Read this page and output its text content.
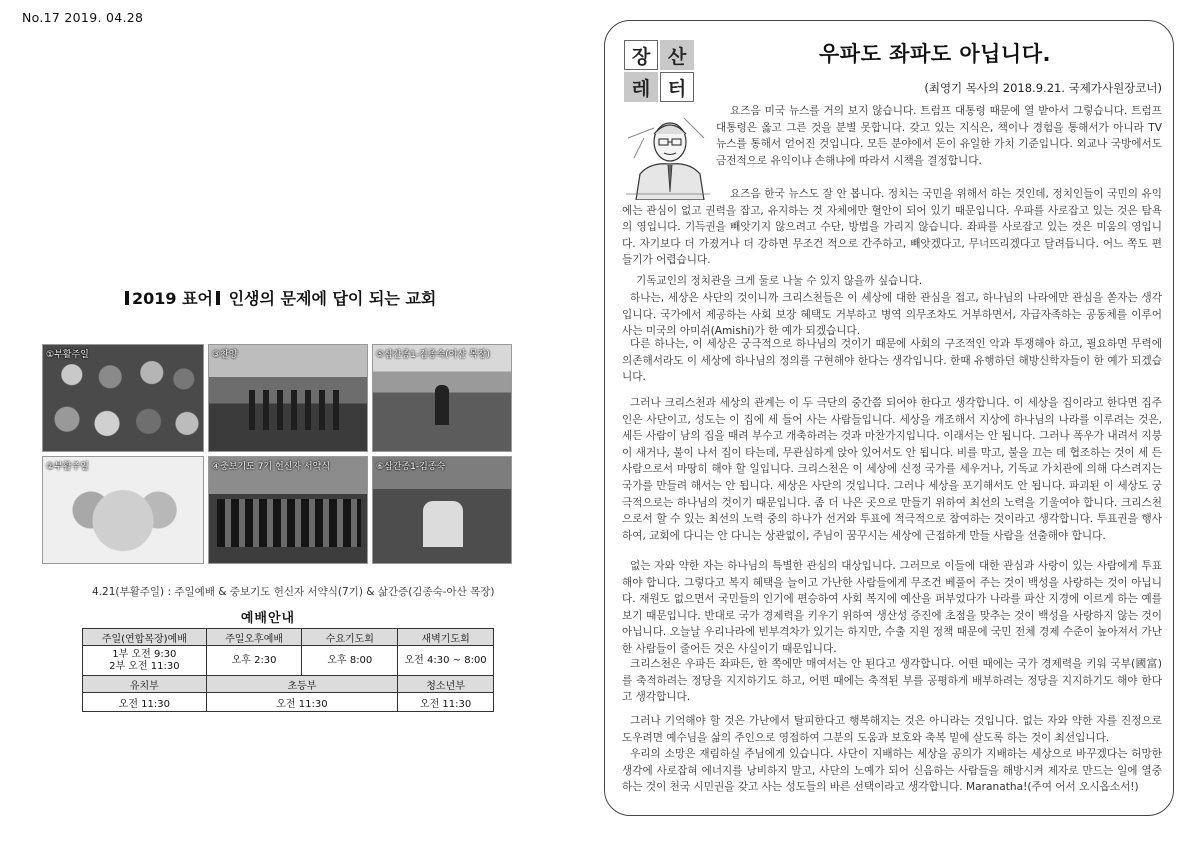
No.17 2019. 04.28
2019 표어 인생의 문제에 답이 되는 교회
①부활주일	③찬양	⑤삼간종1-김종숙(아산 목장)
②부활주일	④충보기도 7기 헌신자 서약식	⑥삼간종1-김종숙
4.21(부활주일) : 주일예배 & 중보기도 헌신자 서약식(7기) & 삶간증(김종숙-아산 목장)
예배안내
주일(연합목장)예배	주일오후예배	수요기도회	새벽기도회

1부 오전 9:30
2부 오전 11:30	오후 2:30	오후 8:00	오전 4:30 ~ 8:00
유치부	초등부		청소년부
오전 11:30	오전 11:30		오전 11:30
장 산
레 터
우파도 좌파도 아닙니다.
(최영기 목사의 2018.9.21. 국제가사원장코너)

요즈음 미국 뉴스를 거의 보지 않습니다. 트럼프 대통령 때문에 열 받아서 그렇습니다. 트럼프 대통령은 옳고 그른 것을 분별 못합니다. 갖고 있는 지식은, 책이나 경험을 통해서가 아니라 TV 뉴스를 통해서 얻어진 것입니다. 모든 분야에서 돈이 유일한 가치 기준입니다. 외교나 국방에서도 금전적으로 유익이냐 손해냐에 따라서 시책을 결정합니다.

요즈음 한국 뉴스도 잘 안 봅니다. 정치는 국민을 위해서 하는 것인데, 정치인들이 국민의 유익에는 관심이 없고 권력을 잡고, 유지하는 것 자체에만 혈안이 되어 있기 때문입니다. 우파를 사로잡고 있는 것은 탐욕의 영입니다. 기득권을 빼앗기지 않으려고 수단, 방법을 가리지 않습니다. 좌파를 사로잡고 있는 것은 미움의 영입니다. 자기보다 더 가졌거나 더 강하면 무조건 적으로 간주하고, 빼앗겠다고, 무너뜨리겠다고 달려듭니다. 어느 쪽도 편들기가 어렵습니다.

기독교인의 정치관을 크게 둘로 나눌 수 있지 않을까 싶습니다.

하나는, 세상은 사단의 것이니까 크리스천들은 이 세상에 대한 관심을 접고, 하나님의 나라에만 관심을 쏟자는 생각입니다. 국가에서 제공하는 사회 보장 혜택도 거부하고 병역 의무조차도 거부하면서, 자급자족하는 공동체를 이루어 사는 미국의 아미쉬(Amishi)가 한 예가 되겠습니다.

다른 하나는, 이 세상은 궁극적으로 하나님의 것이기 때문에 사회의 구조적인 악과 투쟁해야 하고, 필요하면 무력에 의존해서라도 이 세상에 하나님의 정의를 구현해야 한다는 생각입니다. 한때 유행하던 해방신학자들이 한 예가 되겠습니다.

그러나 크리스천과 세상의 관계는 이 두 극단의 중간쯤 되어야 한다고 생각합니다. 이 세상을 집이라고 한다면 집주인은 사단이고, 성도는 이 집에 세 들어 사는 사람들입니다. 세상을 개조해서 지상에 하나님의 나라를 이루려는 것은, 세든 사람이 남의 집을 때려 부수고 개축하려는 것과 마찬가지입니다. 이래서는 안 됩니다. 그러나 폭우가 내려서 지붕이 새거나, 불이 나서 집이 타는데, 무관심하게 앉아 있어서도 안 됩니다. 비를 막고, 불을 끄는 데 협조하는 것이 세 든 사람으로서 마땅히 해야 할 일입니다. 크리스천은 이 세상에 신정 국가를 세우거나, 기독교 가치관에 의해 다스려지는 국가를 만들려 해서는 안 됩니다. 세상은 사단의 것입니다. 그러나 세상을 포기해서도 안 됩니다. 파괴된 이 세상도 궁극적으로는 하나님의 것이기 때문입니다. 좀 더 나은 곳으로 만들기 위하여 최선의 노력을 기울여야 합니다. 크리스천으로서 할 수 있는 최선의 노력 중의 하나가 선거와 투표에 적극적으로 참여하는 것이라고 생각합니다. 투표권을 행사하여, 교회에 다니는 안 다니는 상관없이, 주님이 꿈꾸시는 세상에 근접하게 만들 사람을 선출해야 합니다.

없는 자와 약한 자는 하나님의 특별한 관심의 대상입니다. 그러므로 이들에 대한 관심과 사랑이 있는 사람에게 투표해야 합니다. 그렇다고 복지 혜택을 늘이고 가난한 사람들에게 무조건 베풀어 주는 것이 백성을 사랑하는 것이 아닙니다. 재원도 없으면서 국민들의 인기에 편승하여 사회 복지에 예산을 퍼부었다가 나라를 파산 지경에 이르게 하는 예를 보기 때문입니다. 반대로 국가 경제력을 키우기 위하여 생산성 증진에 초점을 맞추는 것이 백성을 사랑하지 않는 것이 아닙니다. 오늘날 우리나라에 빈부격차가 있기는 하지만, 수출 지원 정책 때문에 국민 전체 경제 수준이 높아져서 가난한 사람들이 줄어든 것은 사실이기 때문입니다.

크리스천은 우파든 좌파든, 한 쪽에만 매여서는 안 된다고 생각합니다. 어떤 때에는 국가 경제력을 키워 국부(國富)를 축적하려는 정당을 지지하기도 하고, 어떤 때에는 축적된 부를 공평하게 배부하려는 정당을 지지하기도 해야 한다고 생각합니다.

그러나 기억해야 할 것은 가난에서 탈피한다고 행복해지는 것은 아니라는 것입니다. 없는 자와 약한 자를 진정으로 도우려면 예수님을 삶의 주인으로 영접하여 그분의 도움과 보호와 축복 밑에 살도록 하는 것이 최선입니다.

우리의 소망은 재림하실 주님에게 있습니다. 사단이 지배하는 세상을 공의가 지배하는 세상으로 바꾸겠다는 허망한 생각에 사로잡혀 에너지를 낭비하지 말고, 사단의 노예가 되어 신음하는 사람들을 해방시켜 제자로 만드는 일에 열중하는 것이 천국 시민권을 갖고 사는 성도들의 바른 선택이라고 생각합니다. Maranatha!(주여 어서 오시옵소서!)
